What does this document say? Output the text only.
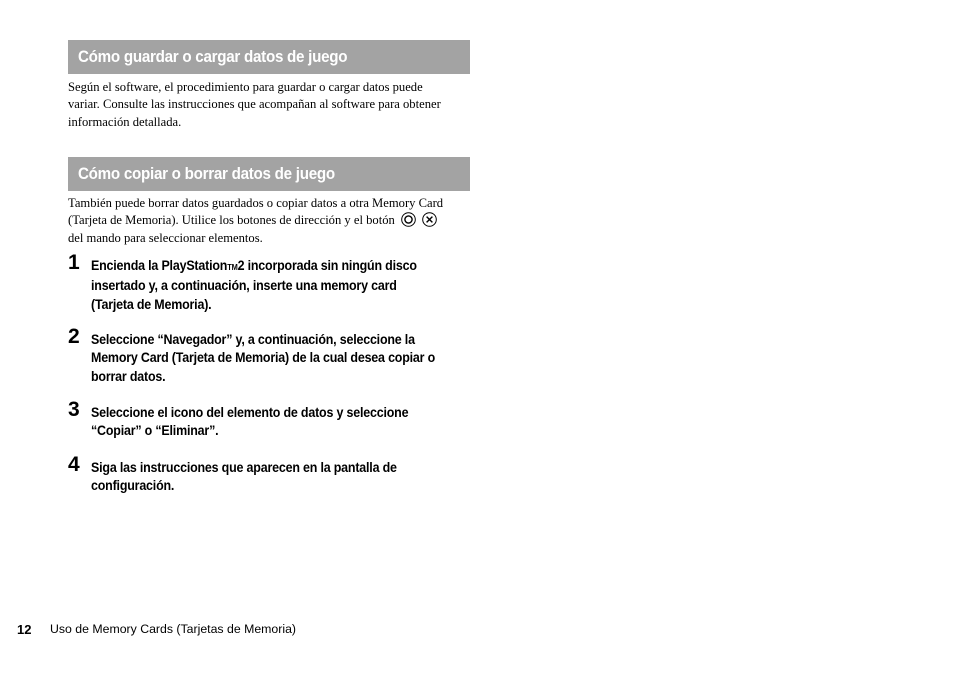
Cómo guardar o cargar datos de juego
Según el software, el procedimiento para guardar o cargar datos puede
variar. Consulte las instrucciones que acompañan al software para obtener
información detallada.
Cómo copiar o borrar datos de juego
También puede borrar datos guardados o copiar datos a otra Memory Card
(Tarjeta de Memoria). Utilice los botones de dirección y el botón
del mando para seleccionar elementos.
1 Encienda la PlayStationTM2 incorporada sin ningún disco
insertado y, a continuación, inserte una memory card
(Tarjeta de Memoria).
2 Seleccione “Navegador” y, a continuación, seleccione la
Memory Card (Tarjeta de Memoria) de la cual desea copiar o
borrar datos.
3 Seleccione el icono del elemento de datos y seleccione
“Copiar” o “Eliminar”.
4 Siga las instrucciones que aparecen en la pantalla de
configuración.
12 Uso de Memory Cards (Tarjetas de Memoria)
